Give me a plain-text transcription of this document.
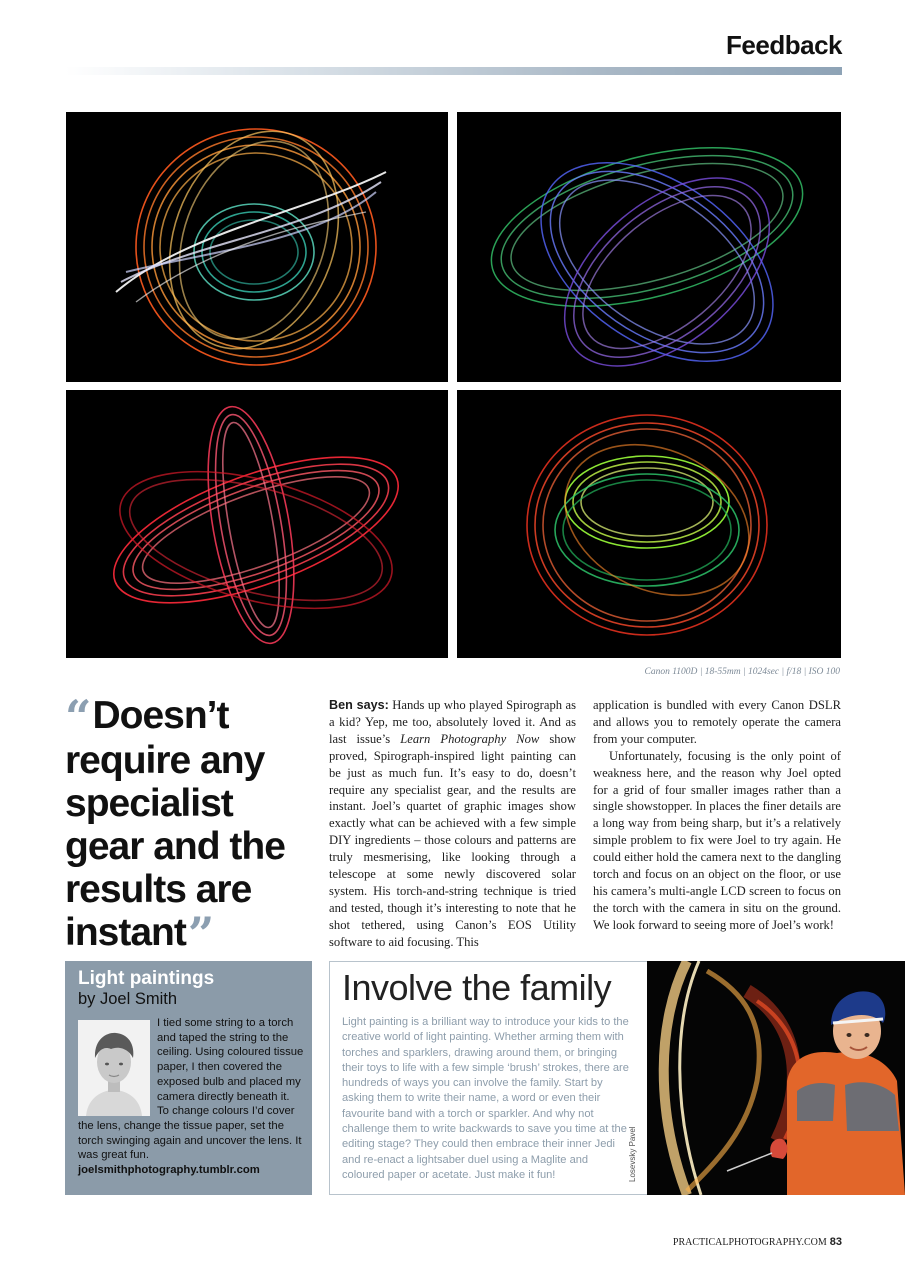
Feedback
Canon 1100D | 18-55mm | 1024sec | f/18 | ISO 100
“Doesn’t require any specialist gear and the results are instant”

Ben says: Hands up who played Spirograph as a kid? Yep, me too, absolutely loved it. And as last issue’s Learn Photography Now show proved, Spirograph-inspired light painting can be just as much fun. It’s easy to do, doesn’t require any specialist gear, and the results are instant. Joel’s quartet of graphic images show exactly what can be achieved with a few simple DIY ingredients – those colours and patterns are truly mesmerising, like looking through a telescope at some newly discovered solar system. His torch-and-string technique is tried and tested, though it’s interesting to note that he shot tethered, using Canon’s EOS Utility software to aid focusing. This

application is bundled with every Canon DSLR and allows you to remotely operate the camera from your computer.

Unfortunately, focusing is the only point of weakness here, and the reason why Joel opted for a grid of four smaller images rather than a single showstopper. In places the finer details are a long way from being sharp, but it’s a relatively simple problem to fix were Joel to try again. He could either hold the camera next to the dangling torch and focus on an object on the floor, or use his camera’s multi-angle LCD screen to focus on the torch with the camera in situ on the ground. We look forward to seeing more of Joel’s work!

Light paintings
by Joel Smith
I tied some string to a torch and taped the string to the ceiling. Using coloured tissue paper, I then covered the exposed bulb and placed my camera directly beneath it. To change colours I’d cover the lens, change the tissue paper, set the torch swinging again and uncover the lens. It was great fun.
joelsmithphotography.tumblr.com
Involve the family
Light painting is a brilliant way to introduce your kids to the creative world of light painting. Whether arming them with torches and sparklers, drawing around them, or bringing their toys to life with a few simple ‘brush’ strokes, there are hundreds of ways you can involve the family. Start by asking them to write their name, a word or even their favourite band with a torch or sparkler. And why not challenge them to write backwards to save you time at the editing stage? They could then embrace their inner Jedi and re-enact a lightsaber duel using a Maglite and coloured paper or acetate. Just make it fun!	Losevsky Pavel
PRACTICALPHOTOGRAPHY.COM 83
